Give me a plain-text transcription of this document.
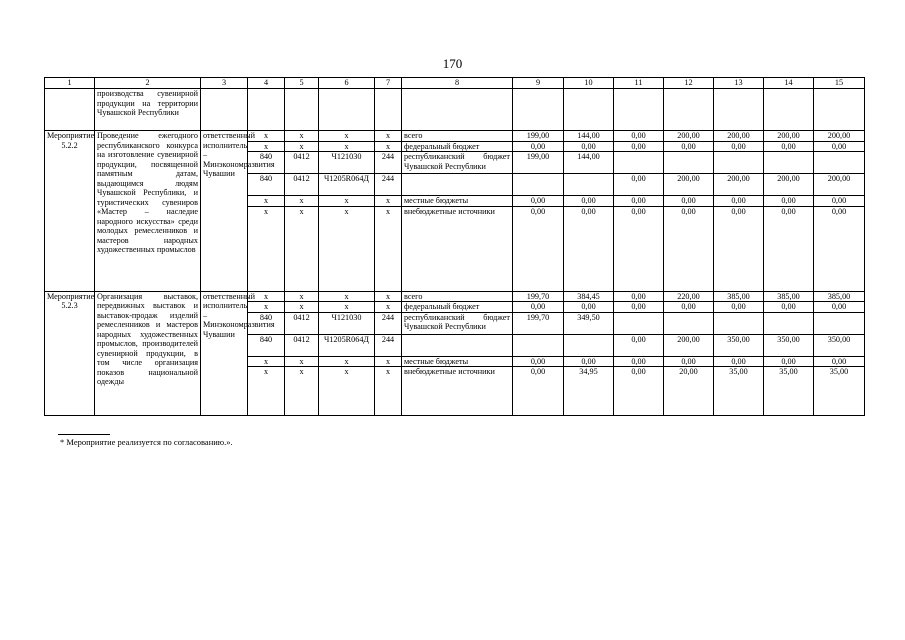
170
1	2	3	4	5	6	7	8	9	10	11	12	13	14	15
	производства сувенирной продукции на территории Чувашской Республики													
Мероприятие 5.2.2	Проведение ежегодного республиканского конкурса на изготовление сувенирной продукции, посвященной памятным датам, выдающимся людям Чувашской Республики, и туристических сувениров «Мастер – наследие народного искусства» среди молодых ремесленников и мастеров народных художественных промыслов	ответственный исполнитель – Минэкономразвития Чувашии	x	x	x	x	всего	199,00	144,00	0,00	200,00	200,00	200,00	200,00
			x	x	x	x	федеральный бюджет	0,00	0,00	0,00	0,00	0,00	0,00	0,00
			840	0412	Ч121030	244	республиканский бюджет Чувашской Республики	199,00	144,00					
			840	0412	Ч1205R064Д	244				0,00	200,00	200,00	200,00	200,00
			x	x	x	x	местные бюджеты	0,00	0,00	0,00	0,00	0,00	0,00	0,00
			x	x	x	x	внебюджетные источники	0,00	0,00	0,00	0,00	0,00	0,00	0,00
Мероприятие 5.2.3	Организация выставок, передвижных выставок и выставок-продаж изделий ремесленников и мастеров народных художественных промыслов, производителей сувенирной продукции, в том числе организация показов национальной одежды	ответственный исполнитель – Минэкономразвития Чувашии	x	x	x	x	всего	199,70	384,45	0,00	220,00	385,00	385,00	385,00
			x	x	x	x	федеральный бюджет	0,00	0,00	0,00	0,00	0,00	0,00	0,00
			840	0412	Ч121030	244	республиканский бюджет Чувашской Республики	199,70	349,50					
			840	0412	Ч1205R064Д	244				0,00	200,00	350,00	350,00	350,00
			x	x	x	x	местные бюджеты	0,00	0,00	0,00	0,00	0,00	0,00	0,00
			x	x	x	x	внебюджетные источники	0,00	34,95	0,00	20,00	35,00	35,00	35,00
* Мероприятие реализуется по согласованию.».
